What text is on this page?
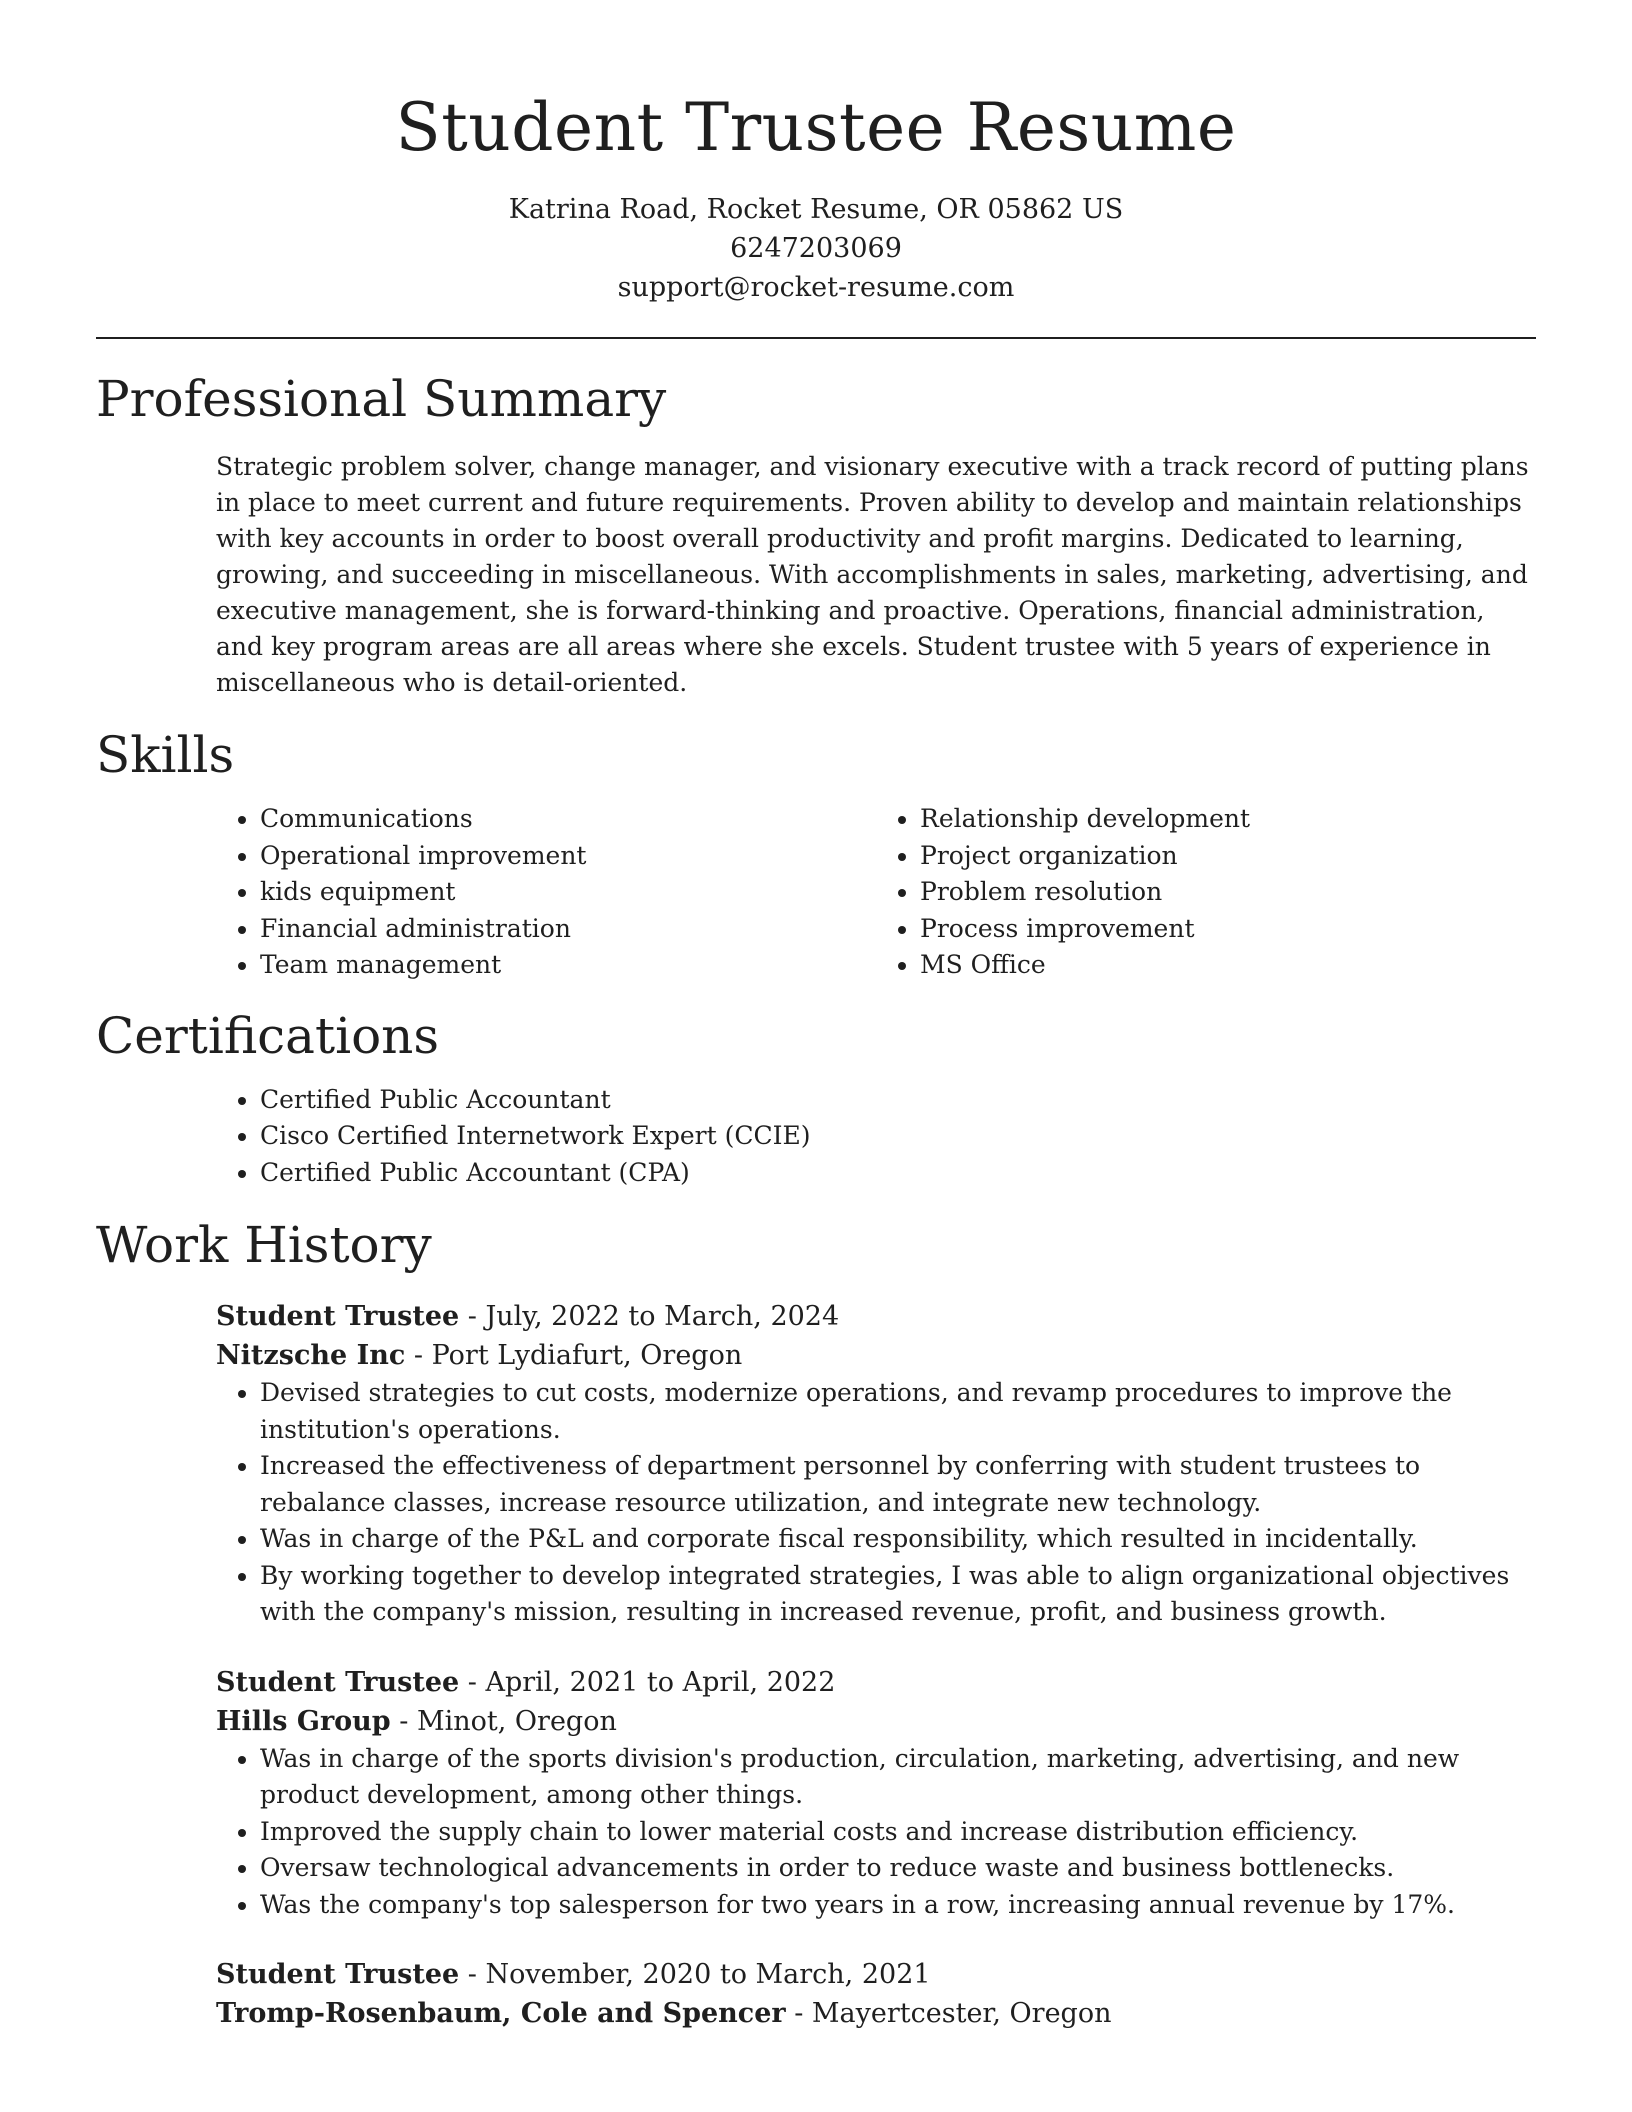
Student Trustee Resume
Katrina Road, Rocket Resume, OR 05862 US
6247203069
support@rocket-resume.com
Professional Summary
Strategic problem solver, change manager, and visionary executive with a track record of putting plans in place to meet current and future requirements. Proven ability to develop and maintain relationships with key accounts in order to boost overall productivity and profit margins. Dedicated to learning, growing, and succeeding in miscellaneous. With accomplishments in sales, marketing, advertising, and executive management, she is forward-thinking and proactive. Operations, financial administration, and key program areas are all areas where she excels. Student trustee with 5 years of experience in miscellaneous who is detail-oriented.
Skills
• Communications
• Operational improvement
• kids equipment
• Financial administration
• Team management
• Relationship development
• Project organization
• Problem resolution
• Process improvement
• MS Office
Certifications
• Certified Public Accountant
• Cisco Certified Internetwork Expert (CCIE)
• Certified Public Accountant (CPA)
Work History
Student Trustee - July, 2022 to March, 2024
Nitzsche Inc - Port Lydiafurt, Oregon
• Devised strategies to cut costs, modernize operations, and revamp procedures to improve the institution's operations.
• Increased the effectiveness of department personnel by conferring with student trustees to rebalance classes, increase resource utilization, and integrate new technology.
• Was in charge of the P&L and corporate fiscal responsibility, which resulted in incidentally.
• By working together to develop integrated strategies, I was able to align organizational objectives with the company's mission, resulting in increased revenue, profit, and business growth.
Student Trustee - April, 2021 to April, 2022
Hills Group - Minot, Oregon
• Was in charge of the sports division's production, circulation, marketing, advertising, and new product development, among other things.
• Improved the supply chain to lower material costs and increase distribution efficiency.
• Oversaw technological advancements in order to reduce waste and business bottlenecks.
• Was the company's top salesperson for two years in a row, increasing annual revenue by 17%.
Student Trustee - November, 2020 to March, 2021
Tromp-Rosenbaum, Cole and Spencer - Mayertcester, Oregon
